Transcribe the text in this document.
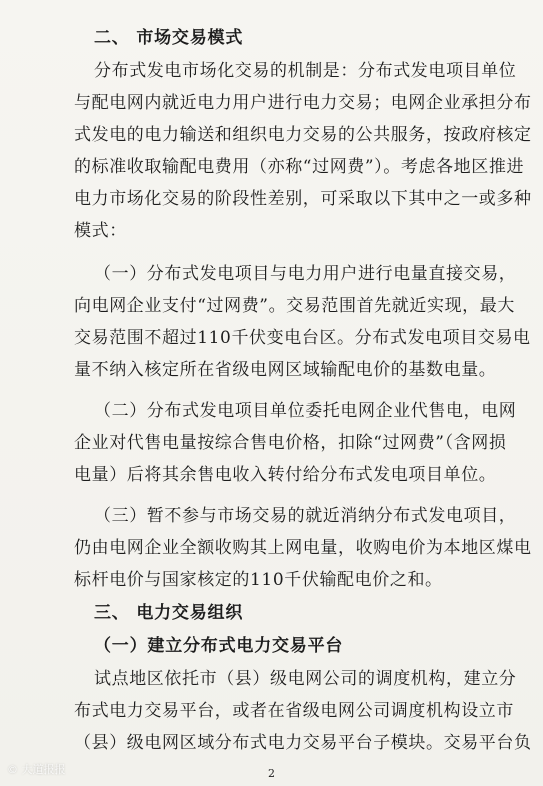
二、 市场交易模式
分布式发电市场化交易的机制是：分布式发电项目单位
与配电网内就近电力用户进行电力交易；电网企业承担分布
式发电的电力输送和组织电力交易的公共服务，按政府核定
的标准收取输配电费用（亦称“过网费”）。考虑各地区推进
电力市场化交易的阶段性差别，可采取以下其中之一或多种
模式：
（一）分布式发电项目与电力用户进行电量直接交易，
向电网企业支付“过网费”。交易范围首先就近实现，最大
交易范围不超过110千伏变电台区。分布式发电项目交易电
量不纳入核定所在省级电网区域输配电价的基数电量。
（二）分布式发电项目单位委托电网企业代售电，电网
企业对代售电量按综合售电价格，扣除“过网费”（含网损
电量）后将其余售电收入转付给分布式发电项目单位。
（三）暂不参与市场交易的就近消纳分布式发电项目，
仍由电网企业全额收购其上网电量，收购电价为本地区煤电
标杆电价与国家核定的110千伏输配电价之和。
三、 电力交易组织
（一）建立分布式电力交易平台
试点地区依托市（县）级电网公司的调度机构，建立分
布式电力交易平台，或者在省级电网公司调度机构设立市
（县）级电网区域分布式电力交易平台子模块。交易平台负
2
© 大道报报
